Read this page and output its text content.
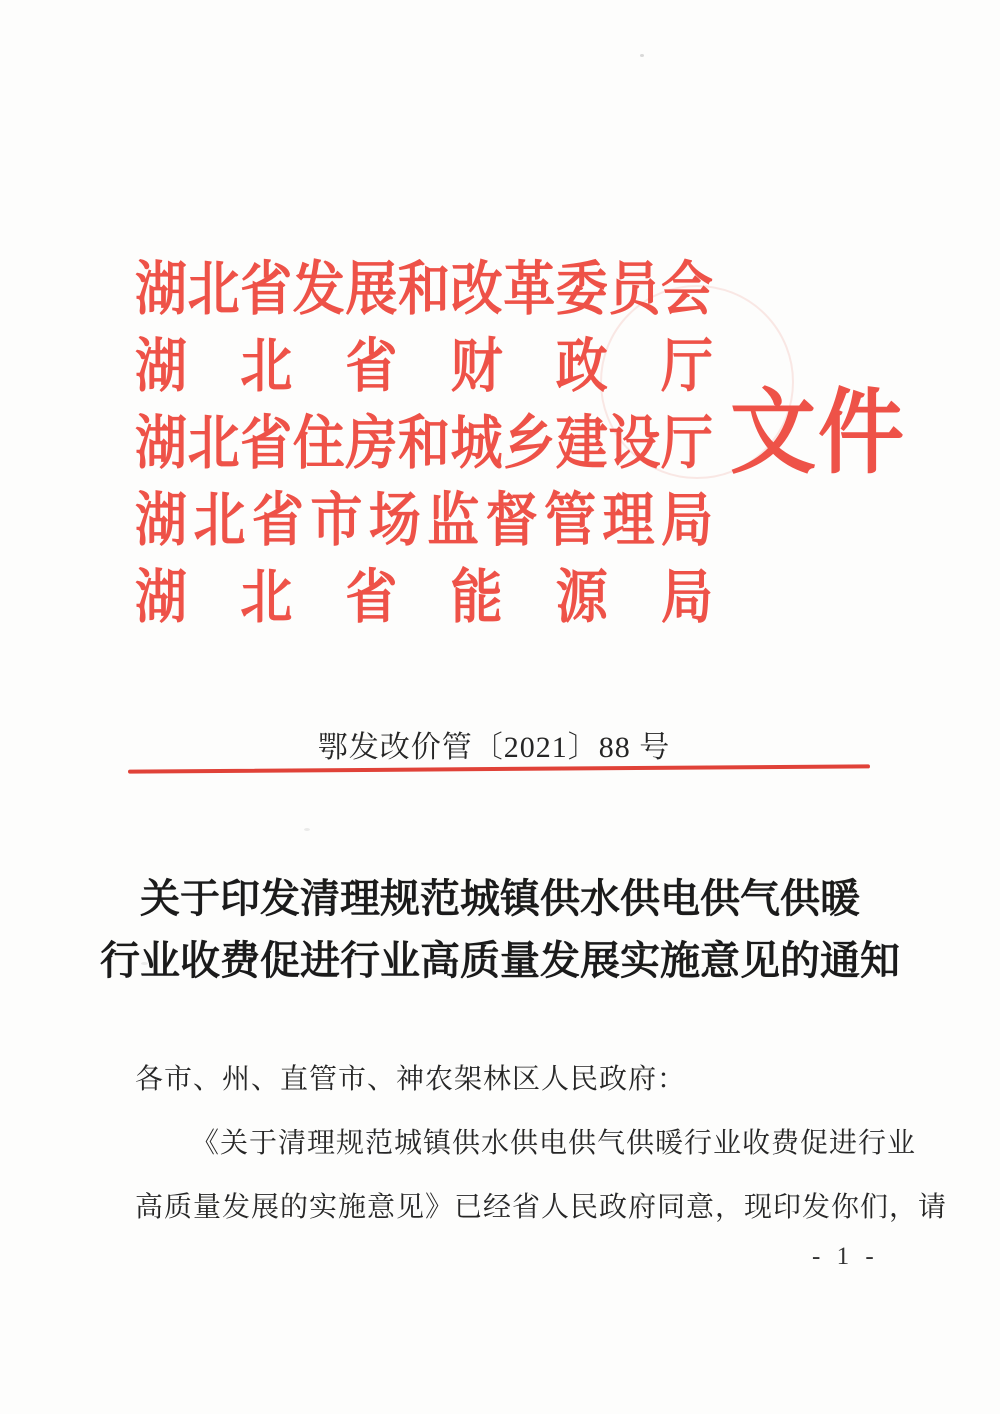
湖北省发展和改革委员会
湖北省财政厅
湖北省住房和城乡建设厅
湖北省市场监督管理局
湖北省能源局
文件
鄂发改价管〔2021〕88 号
关于印发清理规范城镇供水供电供气供暖
行业收费促进行业高质量发展实施意见的通知
各市、州、直管市、神农架林区人民政府：
《关于清理规范城镇供水供电供气供暖行业收费促进行业
高质量发展的实施意见》已经省人民政府同意，现印发你们，请
- 1 -
